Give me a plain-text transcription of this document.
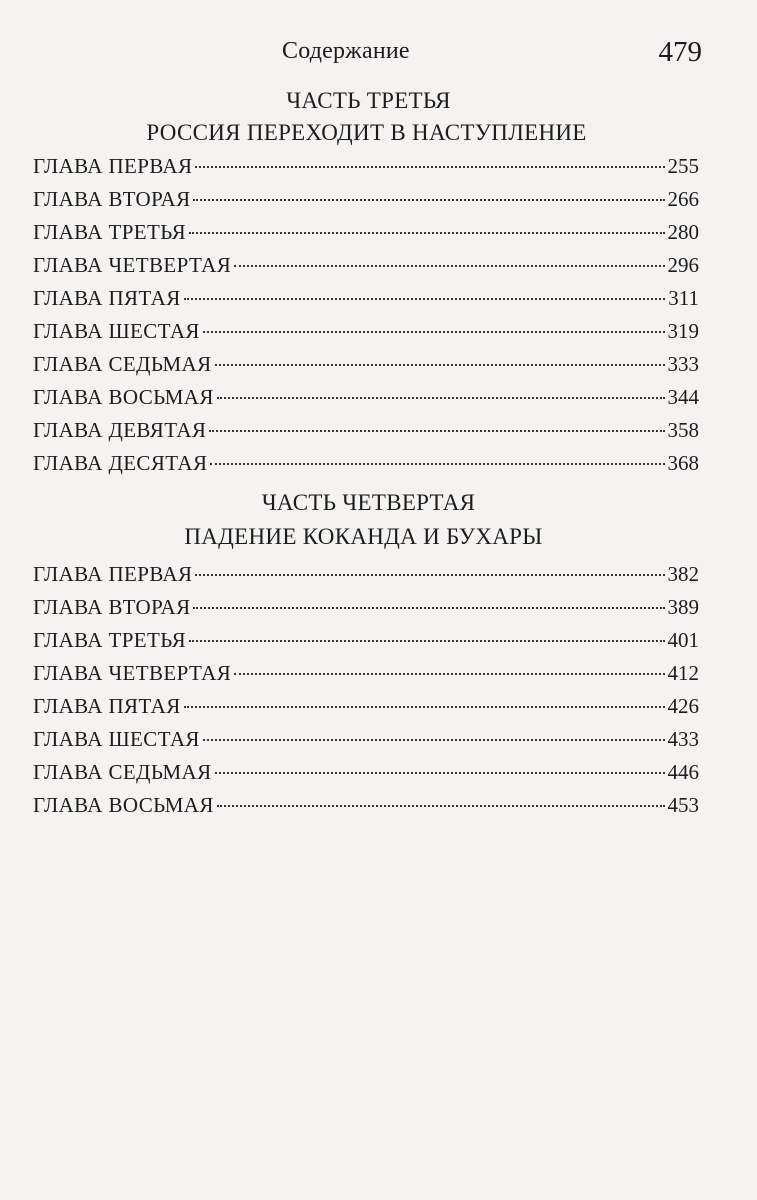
Содержание	479
ЧАСТЬ ТРЕТЬЯ
РОССИЯ ПЕРЕХОДИТ В НАСТУПЛЕНИЕ
ГЛАВА ПЕРВАЯ	255
ГЛАВА ВТОРАЯ	266
ГЛАВА ТРЕТЬЯ	280
ГЛАВА ЧЕТВЕРТАЯ	296
ГЛАВА ПЯТАЯ	311
ГЛАВА ШЕСТАЯ	319
ГЛАВА СЕДЬМАЯ	333
ГЛАВА ВОСЬМАЯ	344
ГЛАВА ДЕВЯТАЯ	358
ГЛАВА ДЕСЯТАЯ	368
ЧАСТЬ ЧЕТВЕРТАЯ
ПАДЕНИЕ КОКАНДА И БУХАРЫ
ГЛАВА ПЕРВАЯ	382
ГЛАВА ВТОРАЯ	389
ГЛАВА ТРЕТЬЯ	401
ГЛАВА ЧЕТВЕРТАЯ	412
ГЛАВА ПЯТАЯ	426
ГЛАВА ШЕСТАЯ	433
ГЛАВА СЕДЬМАЯ	446
ГЛАВА ВОСЬМАЯ	453
